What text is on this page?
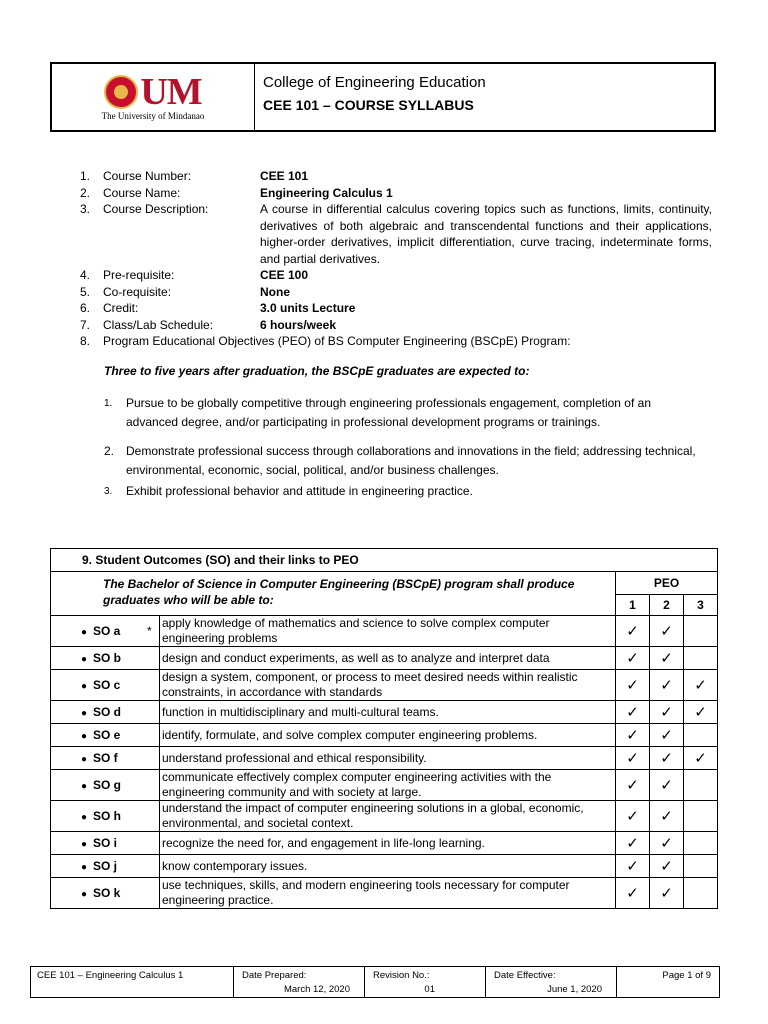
UM
The University of Mindanao
College of Engineering Education
CEE 101 – COURSE SYLLABUS
1.	Course Number:	CEE 101
2.	Course Name:	Engineering Calculus 1
3.	Course Description:	A course in differential calculus covering topics such as functions, limits, continuity, derivatives of both algebraic and transcendental functions and their applications, higher-order derivatives, implicit differentiation, curve tracing, indeterminate forms, and partial derivatives.
4.	Pre-requisite:	CEE 100
5.	Co-requisite:	None
6.	Credit:	3.0 units Lecture
7.	Class/Lab Schedule:	6 hours/week
8.	Program Educational Objectives (PEO) of BS Computer Engineering (BSCpE) Program:
Three to five years after graduation, the BSCpE graduates are expected to:
1.	Pursue to be globally competitive through engineering professionals engagement, completion of an advanced degree, and/or participating in professional development programs or trainings.
2. Demonstrate professional success through collaborations and innovations in the field; addressing technical, environmental, economic, social, political, and/or business challenges.
3.	Exhibit professional behavior and attitude in engineering practice.
9. Student Outcomes (SO) and their links to PEO				
The Bachelor of Science in Computer Engineering (BSCpE) program shall produce graduates who will be able to:		PEO		
		1	2	3
● SO a *	apply knowledge of mathematics and science to solve complex computer engineering problems	✓	✓	
● SO b	design and conduct experiments, as well as to analyze and interpret data	✓	✓	
● SO c	design a system, component, or process to meet desired needs within realistic constraints, in accordance with standards	✓	✓	✓
● SO d	function in multidisciplinary and multi-cultural teams.	✓	✓	✓
● SO e	identify, formulate, and solve complex computer engineering problems.	✓	✓	
● SO f	understand professional and ethical responsibility.	✓	✓	✓
● SO g	communicate effectively complex computer engineering activities with the engineering community and with society at large.	✓	✓	
● SO h	understand the impact of computer engineering solutions in a global, economic, environmental, and societal context.	✓	✓	
● SO i	recognize the need for, and engagement in life-long learning.	✓	✓	
● SO j	know contemporary issues.	✓	✓	
● SO k	use techniques, skills, and modern engineering tools necessary for computer engineering practice.	✓	✓	
CEE 101 – Engineering Calculus 1	Date Prepared:
March 12, 2020
Revision No.:
01
Date Effective:
June 1, 2020
Page 1 of 9
